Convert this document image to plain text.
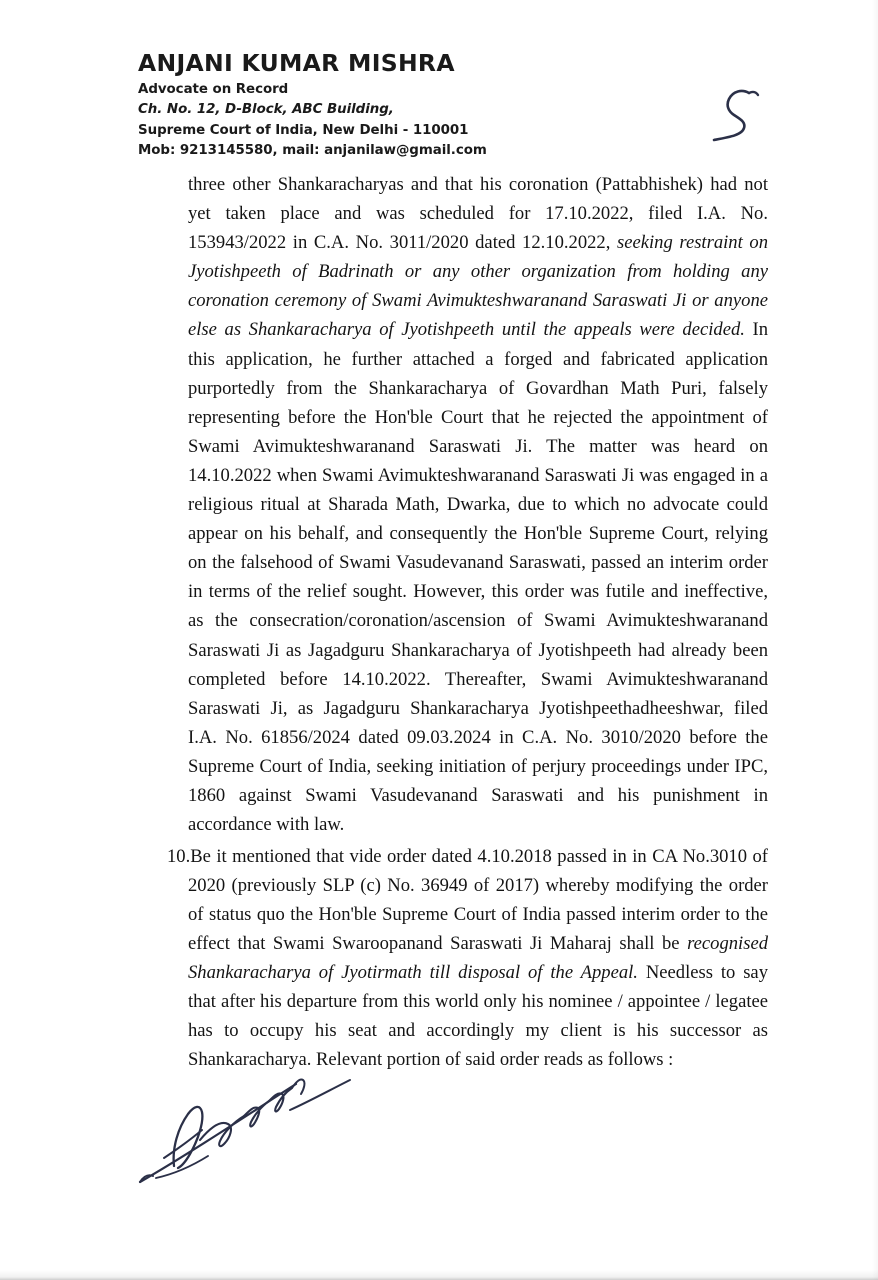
ANJANI KUMAR MISHRA
Advocate on Record
Ch. No. 12, D-Block, ABC Building,
Supreme Court of India, New Delhi - 110001
Mob: 9213145580, mail: anjanilaw@gmail.com

three other Shankaracharyas and that his coronation (Pattabhishek) had not yet taken place and was scheduled for 17.10.2022, filed I.A. No. 153943/2022 in C.A. No. 3011/2020 dated 12.10.2022, seeking restraint on Jyotishpeeth of Badrinath or any other organization from holding any coronation ceremony of Swami Avimukteshwaranand Saraswati Ji or anyone else as Shankaracharya of Jyotishpeeth until the appeals were decided. In this application, he further attached a forged and fabricated application purportedly from the Shankaracharya of Govardhan Math Puri, falsely representing before the Hon'ble Court that he rejected the appointment of Swami Avimukteshwaranand Saraswati Ji. The matter was heard on 14.10.2022 when Swami Avimukteshwaranand Saraswati Ji was engaged in a religious ritual at Sharada Math, Dwarka, due to which no advocate could appear on his behalf, and consequently the Hon'ble Supreme Court, relying on the falsehood of Swami Vasudevanand Saraswati, passed an interim order in terms of the relief sought. However, this order was futile and ineffective, as the consecration/coronation/ascension of Swami Avimukteshwaranand Saraswati Ji as Jagadguru Shankaracharya of Jyotishpeeth had already been completed before 14.10.2022. Thereafter, Swami Avimukteshwaranand Saraswati Ji, as Jagadguru Shankaracharya Jyotishpeethadheeshwar, filed I.A. No. 61856/2024 dated 09.03.2024 in C.A. No. 3010/2020 before the Supreme Court of India, seeking initiation of perjury proceedings under IPC, 1860 against Swami Vasudevanand Saraswati and his punishment in accordance with law.

10.Be it mentioned that vide order dated 4.10.2018 passed in in CA No.3010 of 2020 (previously SLP (c) No. 36949 of 2017) whereby modifying the order of status quo the Hon'ble Supreme Court of India passed interim order to the effect that Swami Swaroopanand Saraswati Ji Maharaj shall be recognised Shankaracharya of Jyotirmath till disposal of the Appeal. Needless to say that after his departure from this world only his nominee / appointee / legatee has to occupy his seat and accordingly my client is his successor as Shankaracharya. Relevant portion of said order reads as follows :
